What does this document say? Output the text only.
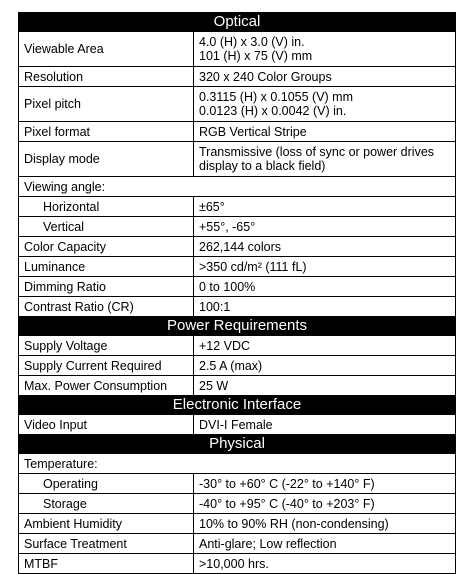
Optical	
Viewable Area	4.0 (H) x 3.0 (V) in.
101 (H) x 75 (V) mm

Resolution	320 x 240 Color Groups

Pixel pitch	0.3115 (H) x 0.1055 (V) mm
0.0123 (H) x 0.0042 (V) in.

Pixel format	RGB Vertical Stripe

Display mode	Transmissive (loss of sync or power drives display to a black field)

Viewing angle:	
Horizontal	±65°

Vertical	+55°, -65°

Color Capacity	262,144 colors

Luminance	>350 cd/m² (111 fL)

Dimming Ratio	0 to 100%

Contrast Ratio (CR)	100:1

Power Requirements	
Supply Voltage	+12 VDC

Supply Current Required	2.5 A (max)

Max. Power Consumption	25 W

Electronic Interface	
Video Input	DVI-I Female

Physical	
Temperature:	
Operating	-30° to +60° C (-22° to +140° F)

Storage	-40° to +95° C (-40° to +203° F)

Ambient Humidity	10% to 90% RH (non-condensing)

Surface Treatment	Anti-glare; Low reflection

MTBF	>10,000 hrs.
